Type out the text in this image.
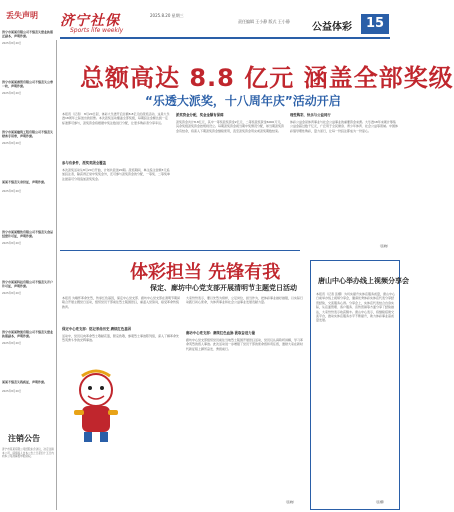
济宁社保
Sports life weekly
2025.8.20 星期三
责任编辑 王小静 版式 王小静
公益体彩	15
丢失声明
济宁市某某有限公司不慎丢失营业执照正副本，声明作废。
2025年8月20日
济宁市某某商贸有限公司不慎丢失公章一枚，声明作废。
2025年8月20日
济宁市某某建筑工程有限公司不慎丢失财务专用章，声明作废。
2025年8月20日
某某不慎丢失身份证，声明作废。
2025年8月20日
济宁市某某餐饮有限公司不慎丢失食品经营许可证，声明作废。
2025年8月20日
济宁市某某科技有限公司不慎丢失开户许可证，声明作废。
2025年8月20日
济宁市某某物流有限公司不慎丢失营业执照副本，声明作废。
2025年8月20日
某某不慎丢失残疾证，声明作废。
2025年8月20日
注销公告
济宁市某某有限公司经股东会决议，决定注销本公司，请债权人自本公告之日起四十五日内向本公司清算组申报债权。
总额高达 8.8 亿元 涵盖全部奖级
“乐透大派奖，十八周年庆”活动开启
本报讯（记者） 8月20日起，体彩大乐透开启总额8.8亿元的派奖活动，这是大乐透18周年之际送出的回馈。本次派奖活动覆盖全部奖级，每期投注金额达到一定标准即可参与，派奖资金将根据中奖注数进行分配，让更多购彩者分享幸运。
参与有条件，派奖奖级全覆盖
本次派奖活动从8月20日开始，计划共派送20期。派奖期间，单注投注金额3元追加投注者，除获得正常中奖奖金外，还可参与派奖资金的分配，一等奖、二等奖单注最高可分别追加派奖奖金。
派奖资金分配，奖金金额有保障
派奖资金共计8.8亿元，其中一等奖派奖资金2亿元，二等奖派奖资金6000万元，其余奖级派奖资金按规则设立。每期派奖资金视当期中奖情况分配，如当期派奖资金有结余，将滚入下期派奖资金继续使用，直至派奖资金用完或派奖期数结束。
理性购彩，快乐与公益同行
体彩公益金是体育事业与社会公益事业的重要资金来源。大乐透18年来累计筹集公益金超过数千亿元，广泛用于全民健身、青少年体育、社会公益等领域。中国体彩倡导理性购彩，量力而行，让每一份投注都成为一份爱心。
（张晓）
体彩担当 先锋有我
保定、廊坊中心党支部开展清明节主题党日活动
本报讯 为缅怀革命先烈，传承红色基因，保定中心党支部、廊坊中心党支部在清明节期间联合开展主题党日活动，组织党员干部前往烈士陵园祭扫，重温入党誓词，接受革命传统教育。
保定中心党支部：铭记革命历史 赓续红色基因
活动中，党员们向革命烈士敬献花篮，默哀致敬，参观烈士事迹陈列馆，深入了解革命先烈英勇斗争的光辉事迹。
大家纷纷表示，要以先烈为榜样，立足岗位，担当作为，把体彩事业做好做强，以实际行动践行初心使命，为体育事业和社会公益事业发展贡献力量。
廊坊中心党支部：赓续红色血脉 汲取奋进力量
廊坊中心党支部组织党员前往当地烈士陵园开展祭扫活动，党员们认真聆听讲解，学习革命英烈的感人事迹。此次活动进一步增强了党员干部的使命感和责任感，激励大家在新时代新征程上踔厉奋发、勇毅前行。
（张晓）
唐山中心举办线上视频分享会
本报讯（记者 张娜）为切实提升实体店服务质量，唐山中心日前举办线上视频分享会，邀请优秀体彩实体店代表分享经营经验，交流服务心得。分享会上，实体店代表结合自身实际，从店面管理、客户服务、宣传营销等方面分享了经验做法，大家纷纷表示收获颇丰。唐山中心表示，将继续搭建交流平台，推动实体店服务水平不断提升，助力体彩事业高质量发展。
（张娜）
